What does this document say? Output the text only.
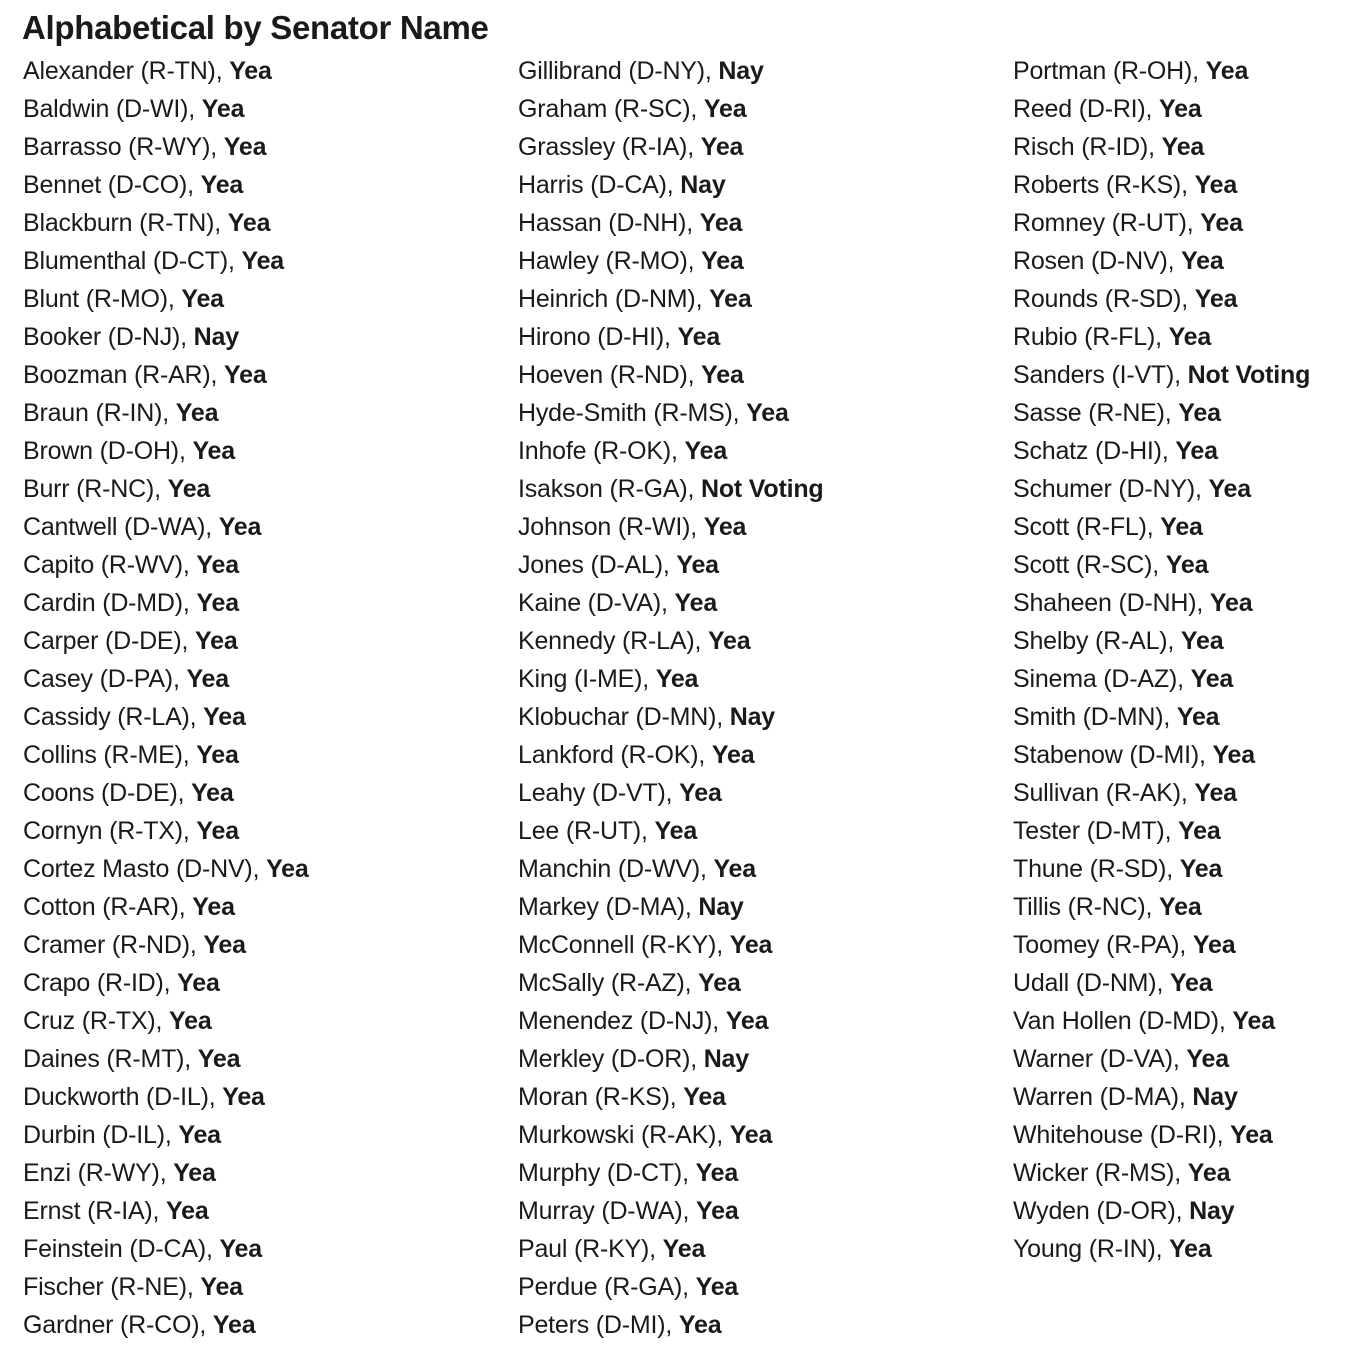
Alphabetical by Senator Name
Alexander (R-TN), Yea
Baldwin (D-WI), Yea
Barrasso (R-WY), Yea
Bennet (D-CO), Yea
Blackburn (R-TN), Yea
Blumenthal (D-CT), Yea
Blunt (R-MO), Yea
Booker (D-NJ), Nay
Boozman (R-AR), Yea
Braun (R-IN), Yea
Brown (D-OH), Yea
Burr (R-NC), Yea
Cantwell (D-WA), Yea
Capito (R-WV), Yea
Cardin (D-MD), Yea
Carper (D-DE), Yea
Casey (D-PA), Yea
Cassidy (R-LA), Yea
Collins (R-ME), Yea
Coons (D-DE), Yea
Cornyn (R-TX), Yea
Cortez Masto (D-NV), Yea
Cotton (R-AR), Yea
Cramer (R-ND), Yea
Crapo (R-ID), Yea
Cruz (R-TX), Yea
Daines (R-MT), Yea
Duckworth (D-IL), Yea
Durbin (D-IL), Yea
Enzi (R-WY), Yea
Ernst (R-IA), Yea
Feinstein (D-CA), Yea
Fischer (R-NE), Yea
Gardner (R-CO), Yea
Gillibrand (D-NY), Nay
Graham (R-SC), Yea
Grassley (R-IA), Yea
Harris (D-CA), Nay
Hassan (D-NH), Yea
Hawley (R-MO), Yea
Heinrich (D-NM), Yea
Hirono (D-HI), Yea
Hoeven (R-ND), Yea
Hyde-Smith (R-MS), Yea
Inhofe (R-OK), Yea
Isakson (R-GA), Not Voting
Johnson (R-WI), Yea
Jones (D-AL), Yea
Kaine (D-VA), Yea
Kennedy (R-LA), Yea
King (I-ME), Yea
Klobuchar (D-MN), Nay
Lankford (R-OK), Yea
Leahy (D-VT), Yea
Lee (R-UT), Yea
Manchin (D-WV), Yea
Markey (D-MA), Nay
McConnell (R-KY), Yea
McSally (R-AZ), Yea
Menendez (D-NJ), Yea
Merkley (D-OR), Nay
Moran (R-KS), Yea
Murkowski (R-AK), Yea
Murphy (D-CT), Yea
Murray (D-WA), Yea
Paul (R-KY), Yea
Perdue (R-GA), Yea
Peters (D-MI), Yea
Portman (R-OH), Yea
Reed (D-RI), Yea
Risch (R-ID), Yea
Roberts (R-KS), Yea
Romney (R-UT), Yea
Rosen (D-NV), Yea
Rounds (R-SD), Yea
Rubio (R-FL), Yea
Sanders (I-VT), Not Voting
Sasse (R-NE), Yea
Schatz (D-HI), Yea
Schumer (D-NY), Yea
Scott (R-FL), Yea
Scott (R-SC), Yea
Shaheen (D-NH), Yea
Shelby (R-AL), Yea
Sinema (D-AZ), Yea
Smith (D-MN), Yea
Stabenow (D-MI), Yea
Sullivan (R-AK), Yea
Tester (D-MT), Yea
Thune (R-SD), Yea
Tillis (R-NC), Yea
Toomey (R-PA), Yea
Udall (D-NM), Yea
Van Hollen (D-MD), Yea
Warner (D-VA), Yea
Warren (D-MA), Nay
Whitehouse (D-RI), Yea
Wicker (R-MS), Yea
Wyden (D-OR), Nay
Young (R-IN), Yea
